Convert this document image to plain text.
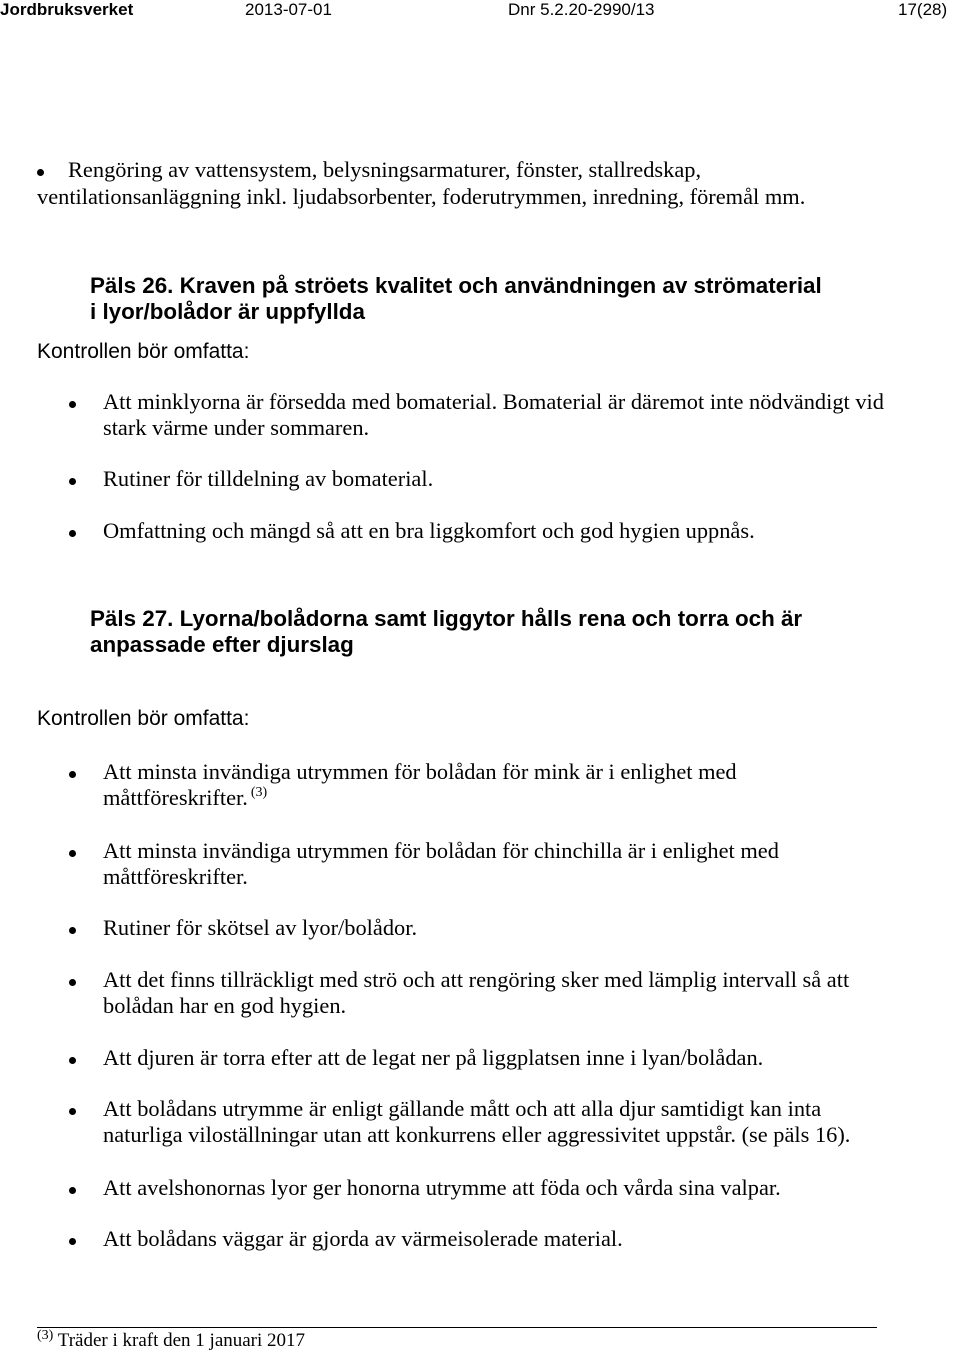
Jordbruksverket	2013-07-01	Dnr 5.2.20-2990/13	17(28)
Rengöring av vattensystem, belysningsarmaturer, fönster, stallredskap,
ventilationsanläggning inkl. ljudabsorbenter, foderutrymmen, inredning, föremål mm.
Päls 26. Kraven på ströets kvalitet och användningen av strömaterial
i lyor/bolådor är uppfyllda
Kontrollen bör omfatta:
Att minklyorna är försedda med bomaterial. Bomaterial är däremot inte nödvändigt vid
stark värme under sommaren.
Rutiner för tilldelning av bomaterial.
Omfattning och mängd så att en bra liggkomfort och god hygien uppnås.
Päls 27. Lyorna/bolådorna samt liggytor hålls rena och torra och är
anpassade efter djurslag
Kontrollen bör omfatta:
Att minsta invändiga utrymmen för bolådan för mink är i enlighet med
måttföreskrifter. $^{(3)}$
Att minsta invändiga utrymmen för bolådan för chinchilla är i enlighet med
måttföreskrifter.
Rutiner för skötsel av lyor/bolådor.
Att det finns tillräckligt med strö och att rengöring sker med lämplig intervall så att
bolådan har en god hygien.
Att djuren är torra efter att de legat ner på liggplatsen inne i lyan/bolådan.
Att bolådans utrymme är enligt gällande mått och att alla djur samtidigt kan inta
naturliga viloställningar utan att konkurrens eller aggressivitet uppstår. (se päls 16).
Att avelshonornas lyor ger honorna utrymme att föda och vårda sina valpar.
Att bolådans väggar är gjorda av värmeisolerade material.
$^{(3)}$ Träder i kraft den 1 januari 2017
